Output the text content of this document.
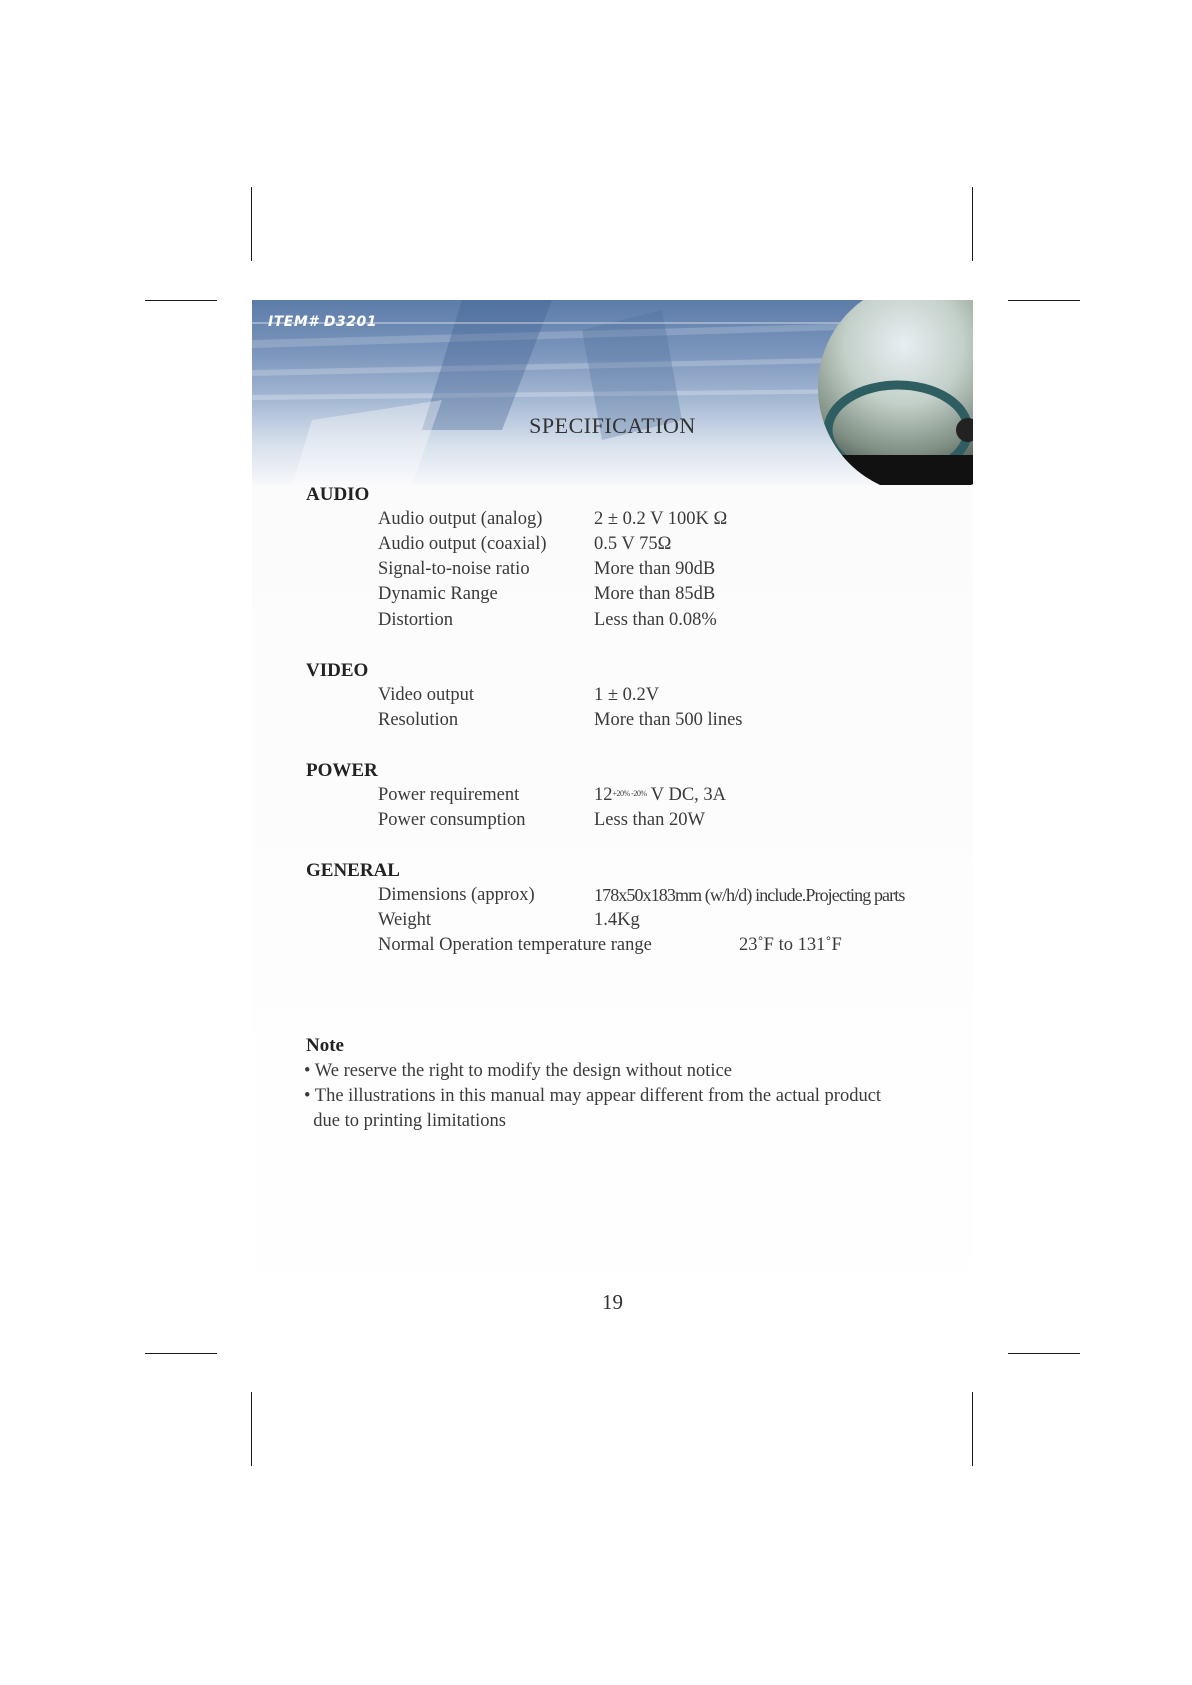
ITEM# D3201
SPECIFICATION
AUDIO
Audio output (analog)	2 ± 0.2 V 100K Ω
Audio output (coaxial)	0.5 V 75Ω
Signal-to-noise ratio	More than 90dB
Dynamic Range	More than 85dB
Distortion	Less than 0.08%
VIDEO
Video output	1 ± 0.2V
Resolution	More than 500 lines
POWER
Power requirement	12+20% -20% V DC, 3A
Power consumption	Less than 20W
GENERAL
Dimensions (approx)	178x50x183mm (w/h/d) include.Projecting parts
Weight	1.4Kg
Normal Operation temperature range	23˚F to 131˚F
Note
• We reserve the right to modify the design without notice
• The illustrations in this manual may appear different from the actual product
due to printing limitations
19
